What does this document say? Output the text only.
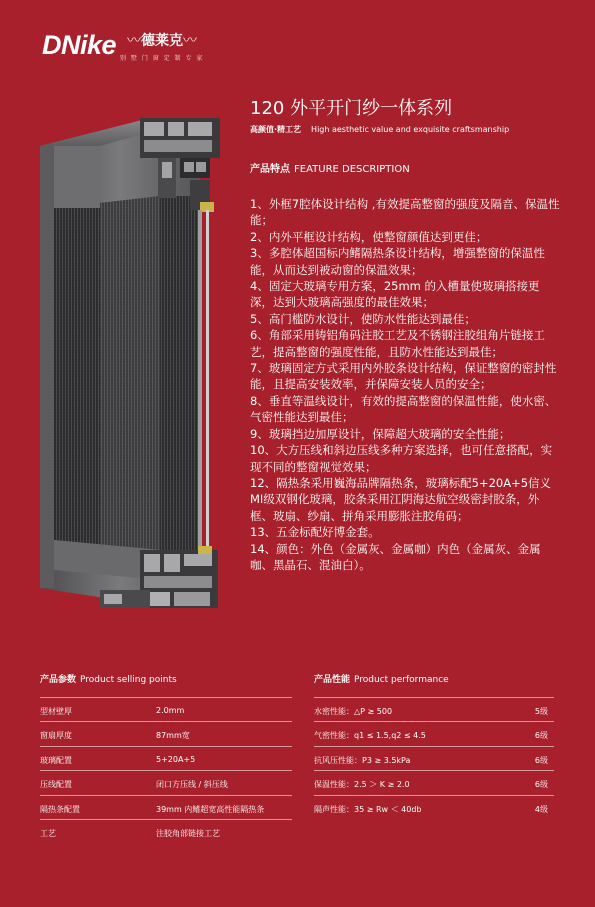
DNike 〰德莱克〰
别 墅 门 窗 定 制 专 家
120 外平开门纱一体系列
高颜值·精工艺 High aesthetic value and exquisite craftsmanship
产品特点 FEATURE DESCRIPTION
1、外框7腔体设计结构 ,有效提高整窗的强度及隔音、保温性能；
2、内外平框设计结构，使整窗颜值达到更佳；
3、多腔体超国标内鳍隔热条设计结构，增强整窗的保温性能，从而达到被动窗的保温效果；
4、固定大玻璃专用方案，25mm 的入槽量使玻璃搭接更深，达到大玻璃高强度的最佳效果；
5、高门槛防水设计，使防水性能达到最佳；
6、角部采用铸铝角码注胶工艺及不锈钢注胶组角片链接工艺，提高整窗的强度性能，且防水性能达到最佳；
7、玻璃固定方式采用内外胶条设计结构，保证整窗的密封性能，且提高安装效率，并保障安装人员的安全；
8、垂直等温线设计，有效的提高整窗的保温性能，使水密、气密性能达到最佳；
9、玻璃挡边加厚设计，保障超大玻璃的安全性能；
10、大方压线和斜边压线多种方案选择，也可任意搭配，实现不同的整窗视觉效果；
12、隔热条采用巍海品牌隔热条，玻璃标配5+20A+5信义MI级双钢化玻璃，胶条采用江阴海达航空级密封胶条，外框、玻扇、纱扇、拼角采用膨胀注胶角码；
13、五金标配好博金套。
14、颜色：外色（金属灰、金属咖）内色（金属灰、金属咖、黑晶石、混油白）。
产品参数 Product selling points
型材壁厚	2.0mm
窗扇厚度	87mm宽
玻璃配置	5+20A+5
压线配置	闭口方压线 / 斜压线
隔热条配置	39mm 内鳍超宽高性能隔热条
工艺	注胶角部链接工艺
产品性能 Product performance
水密性能：△P ≥ 500	5级
气密性能：q1 ≤ 1.5,q2 ≤ 4.5	6级
抗风压性能：P3 ≥ 3.5kPa	6级
保温性能：2.5 ＞ K ≥ 2.0	6级
隔声性能：35 ≥ Rw ＜ 40db	4级
